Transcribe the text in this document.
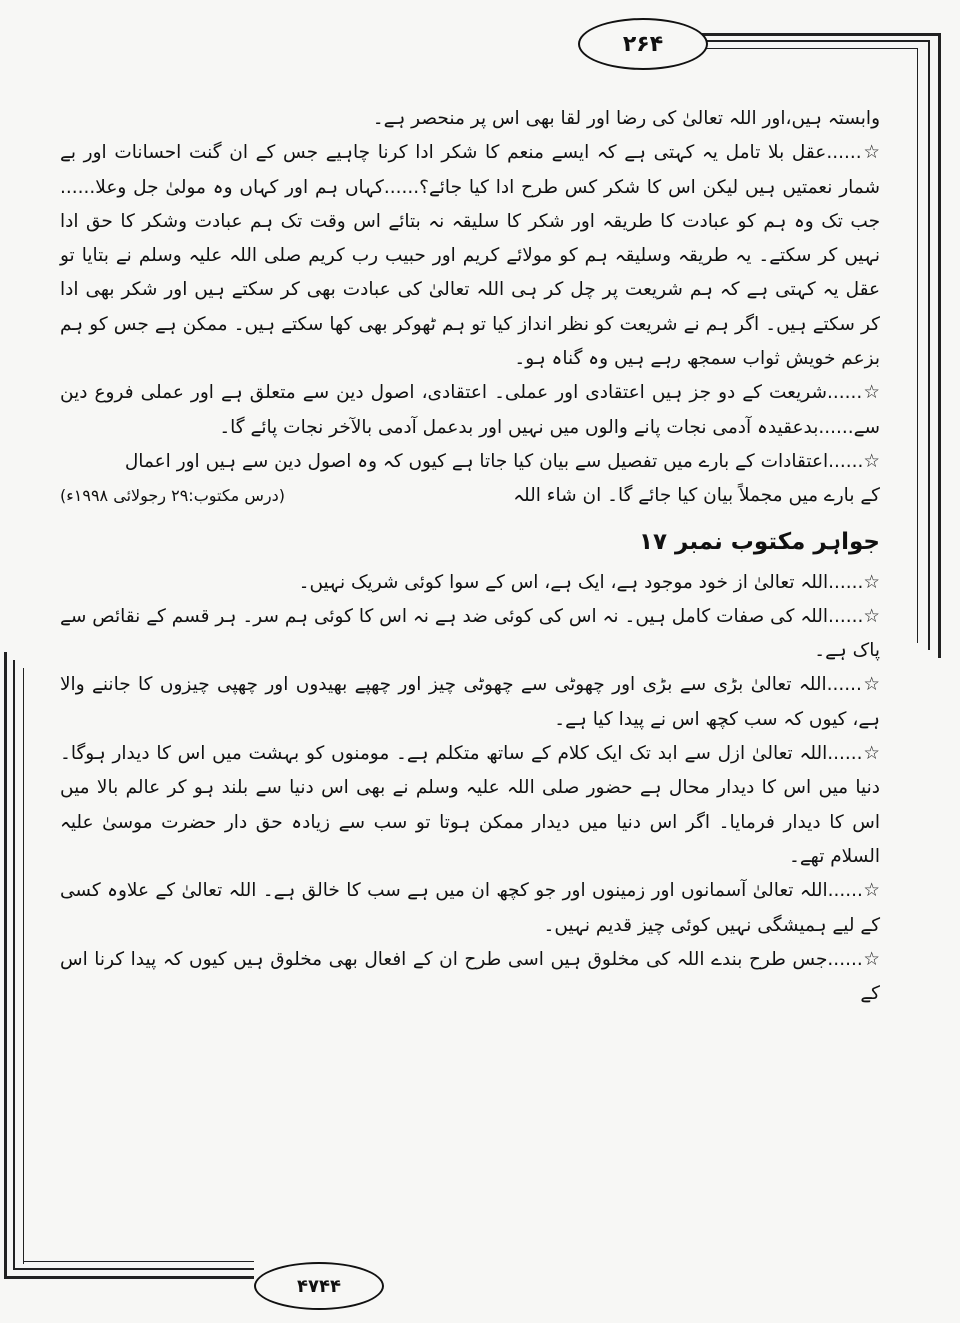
۲۶۴
۴۷۴۴

وابستہ ہیں،اور اللہ تعالیٰ کی رضا اور لقا بھی اس پر منحصر ہے۔

☆......عقل بلا تامل یہ کہتی ہے کہ ایسے منعم کا شکر ادا کرنا چاہیے جس کے ان گنت احسانات اور بے شمار نعمتیں ہیں لیکن اس کا شکر کس طرح ادا کیا جائے؟......کہاں ہم اور کہاں وہ مولیٰ جل وعلا...... جب تک وہ ہم کو عبادت کا طریقہ اور شکر کا سلیقہ نہ بتائے اس وقت تک ہم عبادت وشکر کا حق ادا نہیں کر سکتے۔ یہ طریقہ وسلیقہ ہم کو مولائے کریم اور حبیب رب کریم صلی اللہ علیہ وسلم نے بتایا تو عقل یہ کہتی ہے کہ ہم شریعت پر چل کر ہی اللہ تعالیٰ کی عبادت بھی کر سکتے ہیں اور شکر بھی ادا کر سکتے ہیں۔ اگر ہم نے شریعت کو نظر انداز کیا تو ہم ٹھوکر بھی کھا سکتے ہیں۔ ممکن ہے جس کو ہم بزعم خویش ثواب سمجھ رہے ہیں وہ گناہ ہو۔

☆......شریعت کے دو جز ہیں اعتقادی اور عملی۔ اعتقادی، اصول دین سے متعلق ہے اور عملی فروع دین سے......بدعقیدہ آدمی نجات پانے والوں میں نہیں اور بدعمل آدمی بالآخر نجات پائے گا۔

☆......اعتقادات کے بارے میں تفصیل سے بیان کیا جاتا ہے کیوں کہ وہ اصول دین سے ہیں اور اعمال

کے بارے میں مجملاً بیان کیا جائے گا۔ ان شاء اللہ
(درس مکتوب:۲۹ رجولائی ۱۹۹۸ء)
جواہر مکتوب نمبر ۱۷

☆......اللہ تعالیٰ از خود موجود ہے، ایک ہے، اس کے سوا کوئی شریک نہیں۔

☆......اللہ کی صفات کامل ہیں۔ نہ اس کی کوئی ضد ہے نہ اس کا کوئی ہم سر۔ ہر قسم کے نقائص سے پاک ہے۔

☆......اللہ تعالیٰ بڑی سے بڑی اور چھوٹی سے چھوٹی چیز اور چھپے بھیدوں اور چھپی چیزوں کا جاننے والا ہے، کیوں کہ سب کچھ اس نے پیدا کیا ہے۔

☆......اللہ تعالیٰ ازل سے ابد تک ایک کلام کے ساتھ متکلم ہے۔ مومنوں کو بہشت میں اس کا دیدار ہوگا۔ دنیا میں اس کا دیدار محال ہے حضور صلی اللہ علیہ وسلم نے بھی اس دنیا سے بلند ہو کر عالم بالا میں اس کا دیدار فرمایا۔ اگر اس دنیا میں دیدار ممکن ہوتا تو سب سے زیادہ حق دار حضرت موسیٰ علیہ السلام تھے۔

☆......اللہ تعالیٰ آسمانوں اور زمینوں اور جو کچھ ان میں ہے سب کا خالق ہے۔ اللہ تعالیٰ کے علاوہ کسی کے لیے ہمیشگی نہیں کوئی چیز قدیم نہیں۔

☆......جس طرح بندے اللہ کی مخلوق ہیں اسی طرح ان کے افعال بھی مخلوق ہیں کیوں کہ پیدا کرنا اس کے
